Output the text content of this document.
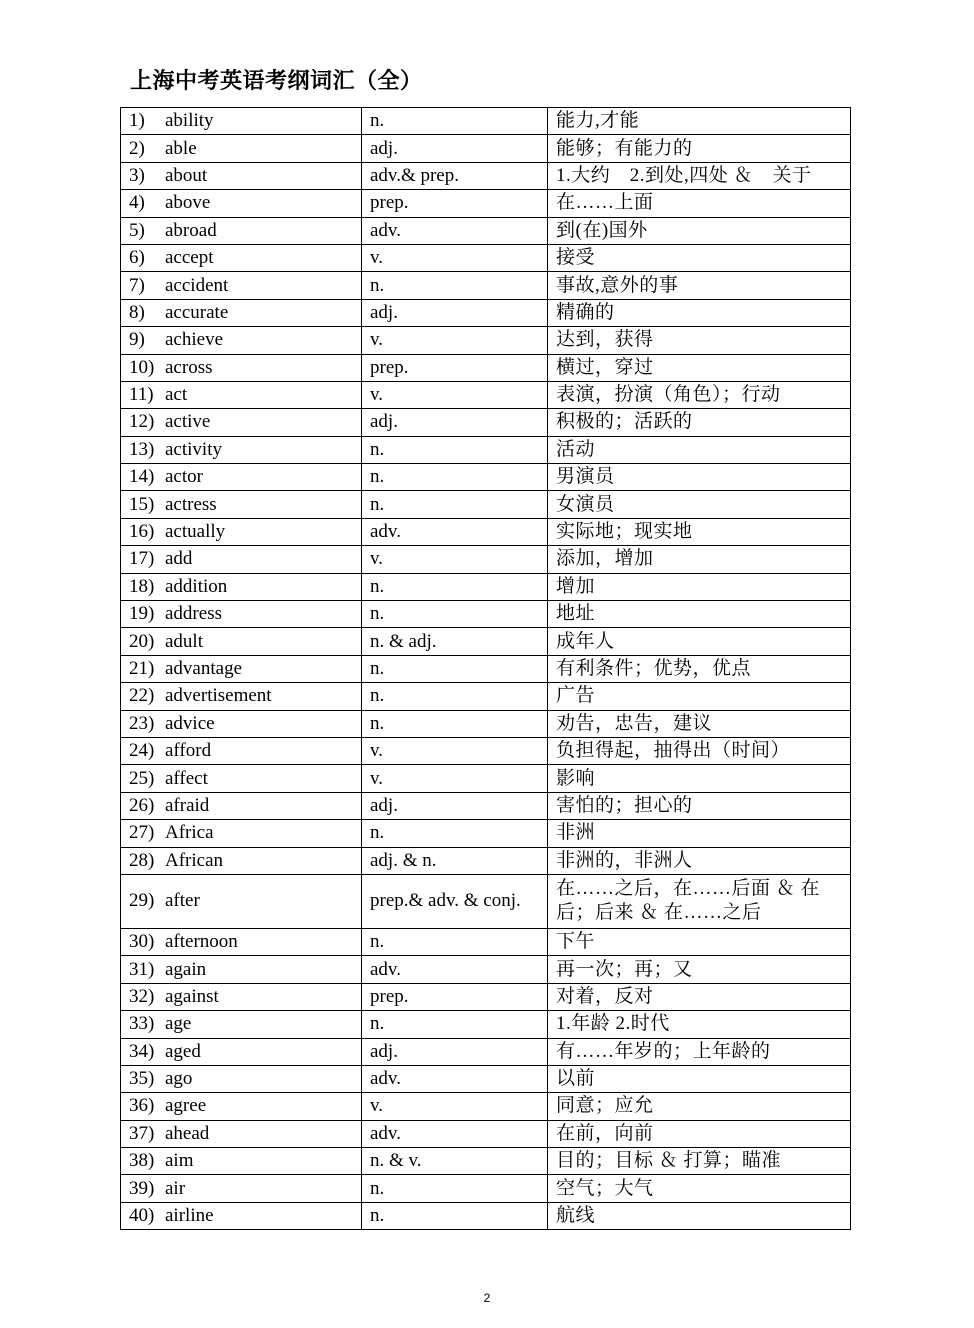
上海中考英语考纲词汇（全）
1) ability	n.	能力,才能
2) able	adj.	能够；有能力的
3) about	adv.& prep.	1.大约　2.到处,四处 ＆　关于
4) above	prep.	在……上面
5) abroad	adv.	到(在)国外
6) accept	v.	接受
7) accident	n.	事故,意外的事
8) accurate	adj.	精确的
9) achieve	v.	达到，获得
10) across	prep.	横过，穿过
11) act	v.	表演，扮演（角色）；行动
12) active	adj.	积极的；活跃的
13) activity	n.	活动
14) actor	n.	男演员
15) actress	n.	女演员
16) actually	adv.	实际地；现实地
17) add	v.	添加，增加
18) addition	n.	增加
19) address	n.	地址
20) adult	n. & adj.	成年人
21) advantage	n.	有利条件；优势，优点
22) advertisement	n.	广告
23) advice	n.	劝告，忠告，建议
24) afford	v.	负担得起，抽得出（时间）
25) affect	v.	影响
26) afraid	adj.	害怕的；担心的
27) Africa	n.	非洲
28) African	adj. & n.	非洲的，非洲人
29) after	prep.& adv. & conj.	在……之后，在……后面 ＆ 在后；后来 ＆ 在……之后
30) afternoon	n.	下午
31) again	adv.	再一次；再；又
32) against	prep.	对着，反对
33) age	n.	1.年龄 2.时代
34) aged	adj.	有……年岁的；上年龄的
35) ago	adv.	以前
36) agree	v.	同意；应允
37) ahead	adv.	在前，向前
38) aim	n. & v.	目的；目标 ＆ 打算；瞄准
39) air	n.	空气；大气
40) airline	n.	航线
2
